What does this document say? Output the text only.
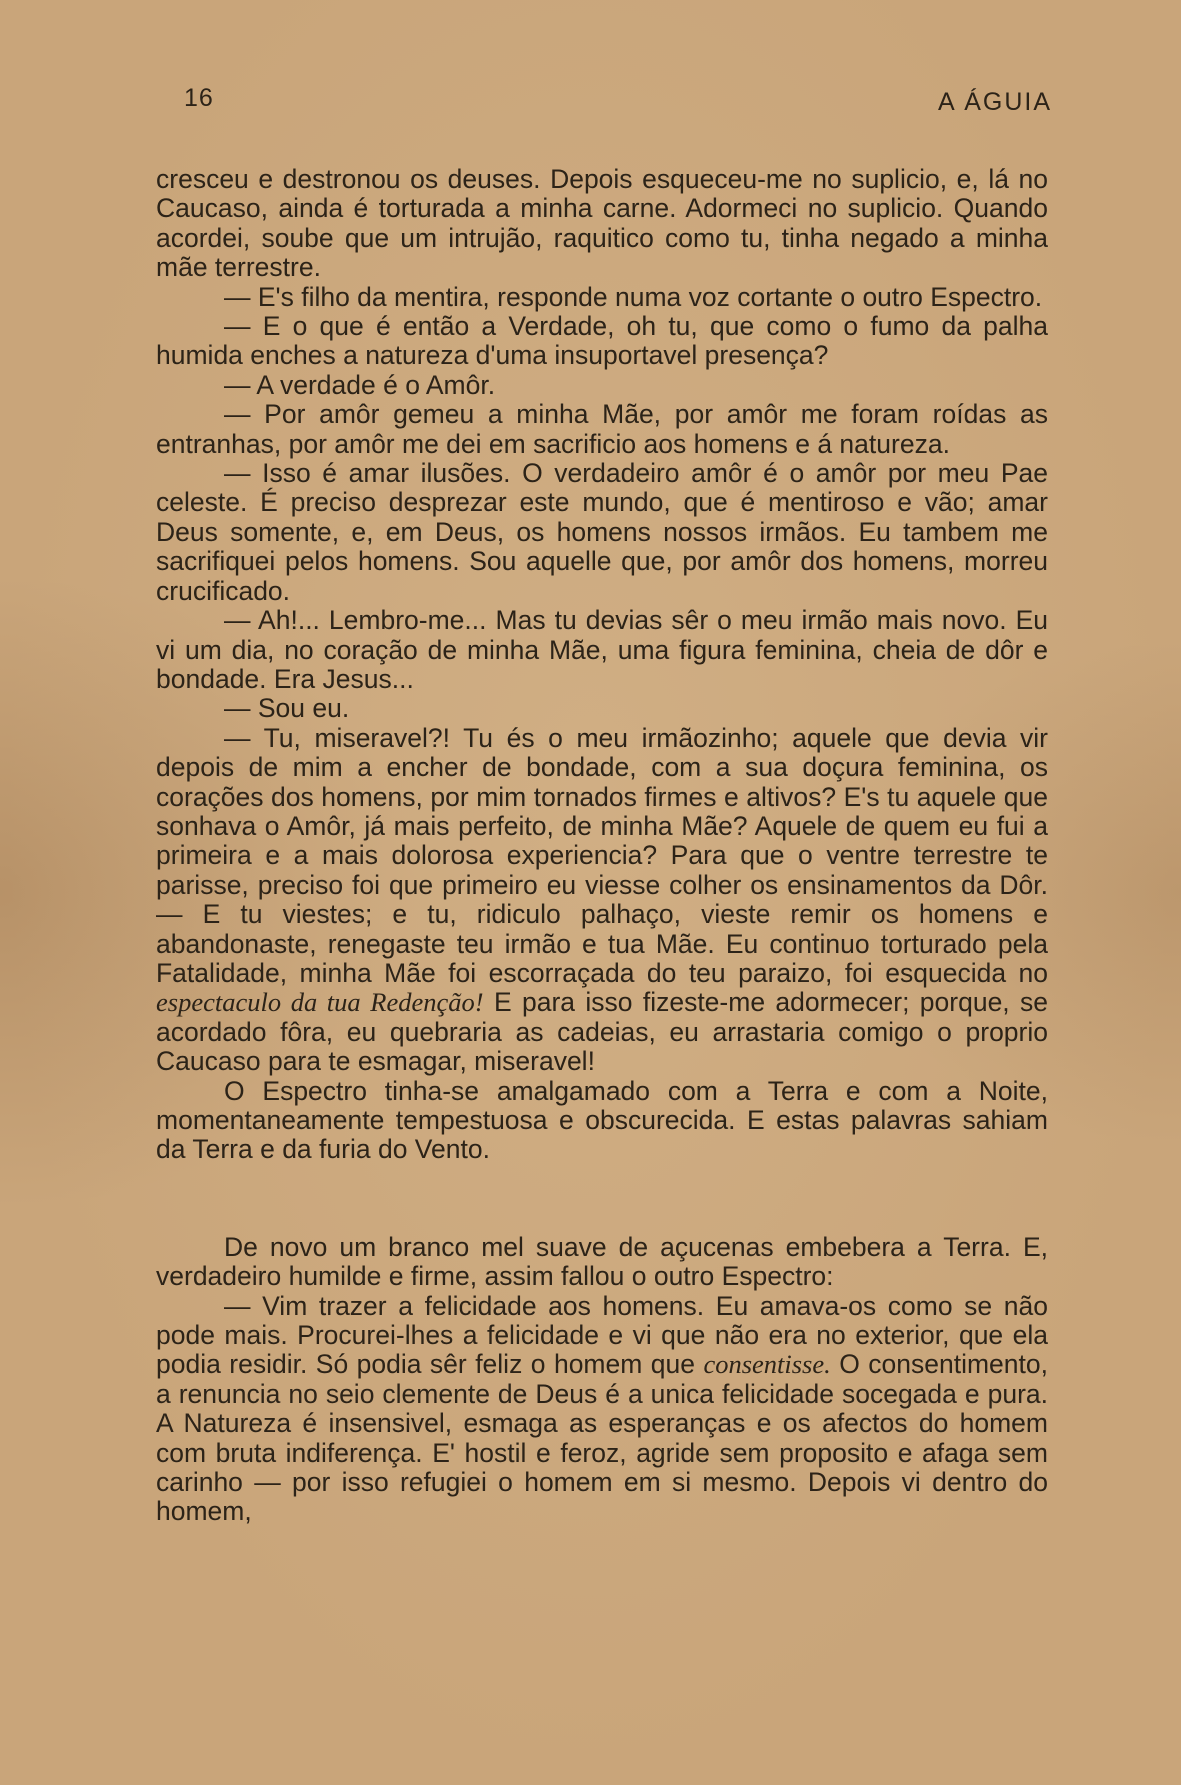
16	A ÁGUIA

cresceu e destronou os deuses. Depois esqueceu-me no suplicio, e, lá no Caucaso, ainda é torturada a minha carne. Adormeci no suplicio. Quando acordei, soube que um intrujão, raquitico como tu, tinha negado a minha mãe terrestre.

— E's filho da mentira, responde numa voz cortante o outro Espectro.

— E o que é então a Verdade, oh tu, que como o fumo da palha humida enches a natureza d'uma insuportavel presença?

— A verdade é o Amôr.

— Por amôr gemeu a minha Mãe, por amôr me foram roídas as entranhas, por amôr me dei em sacrificio aos homens e á natureza.

— Isso é amar ilusões. O verdadeiro amôr é o amôr por meu Pae celeste. É preciso desprezar este mundo, que é mentiroso e vão; amar Deus somente, e, em Deus, os homens nossos irmãos. Eu tambem me sacrifiquei pelos homens. Sou aquelle que, por amôr dos homens, morreu crucificado.

— Ah!... Lembro-me... Mas tu devias sêr o meu irmão mais novo. Eu vi um dia, no coração de minha Mãe, uma figura feminina, cheia de dôr e bondade. Era Jesus...

— Sou eu.

— Tu, miseravel?! Tu és o meu irmãozinho; aquele que devia vir depois de mim a encher de bondade, com a sua doçura feminina, os corações dos homens, por mim tornados firmes e altivos? E's tu aquele que sonhava o Amôr, já mais perfeito, de minha Mãe? Aquele de quem eu fui a primeira e a mais dolorosa experiencia? Para que o ventre terrestre te parisse, preciso foi que primeiro eu viesse colher os ensinamentos da Dôr. — E tu viestes; e tu, ridiculo palhaço, vieste remir os homens e abandonaste, renegaste teu irmão e tua Mãe. Eu continuo torturado pela Fatalidade, minha Mãe foi escorraçada do teu paraizo, foi esquecida no espectaculo da tua Redenção! E para isso fizeste-me adormecer; porque, se acordado fôra, eu quebraria as cadeias, eu arrastaria comigo o proprio Caucaso para te esmagar, miseravel!

O Espectro tinha-se amalgamado com a Terra e com a Noite, momentaneamente tempestuosa e obscurecida. E estas palavras sahiam da Terra e da furia do Vento.

De novo um branco mel suave de açucenas embebera a Terra. E, verdadeiro humilde e firme, assim fallou o outro Espectro:

— Vim trazer a felicidade aos homens. Eu amava-os como se não pode mais. Procurei-lhes a felicidade e vi que não era no exterior, que ela podia residir. Só podia sêr feliz o homem que consentisse. O consentimento, a renuncia no seio clemente de Deus é a unica felicidade socegada e pura. A Natureza é insensivel, esmaga as esperanças e os afectos do homem com bruta indiferença. E' hostil e feroz, agride sem proposito e afaga sem carinho — por isso refugiei o homem em si mesmo. Depois vi dentro do homem,
